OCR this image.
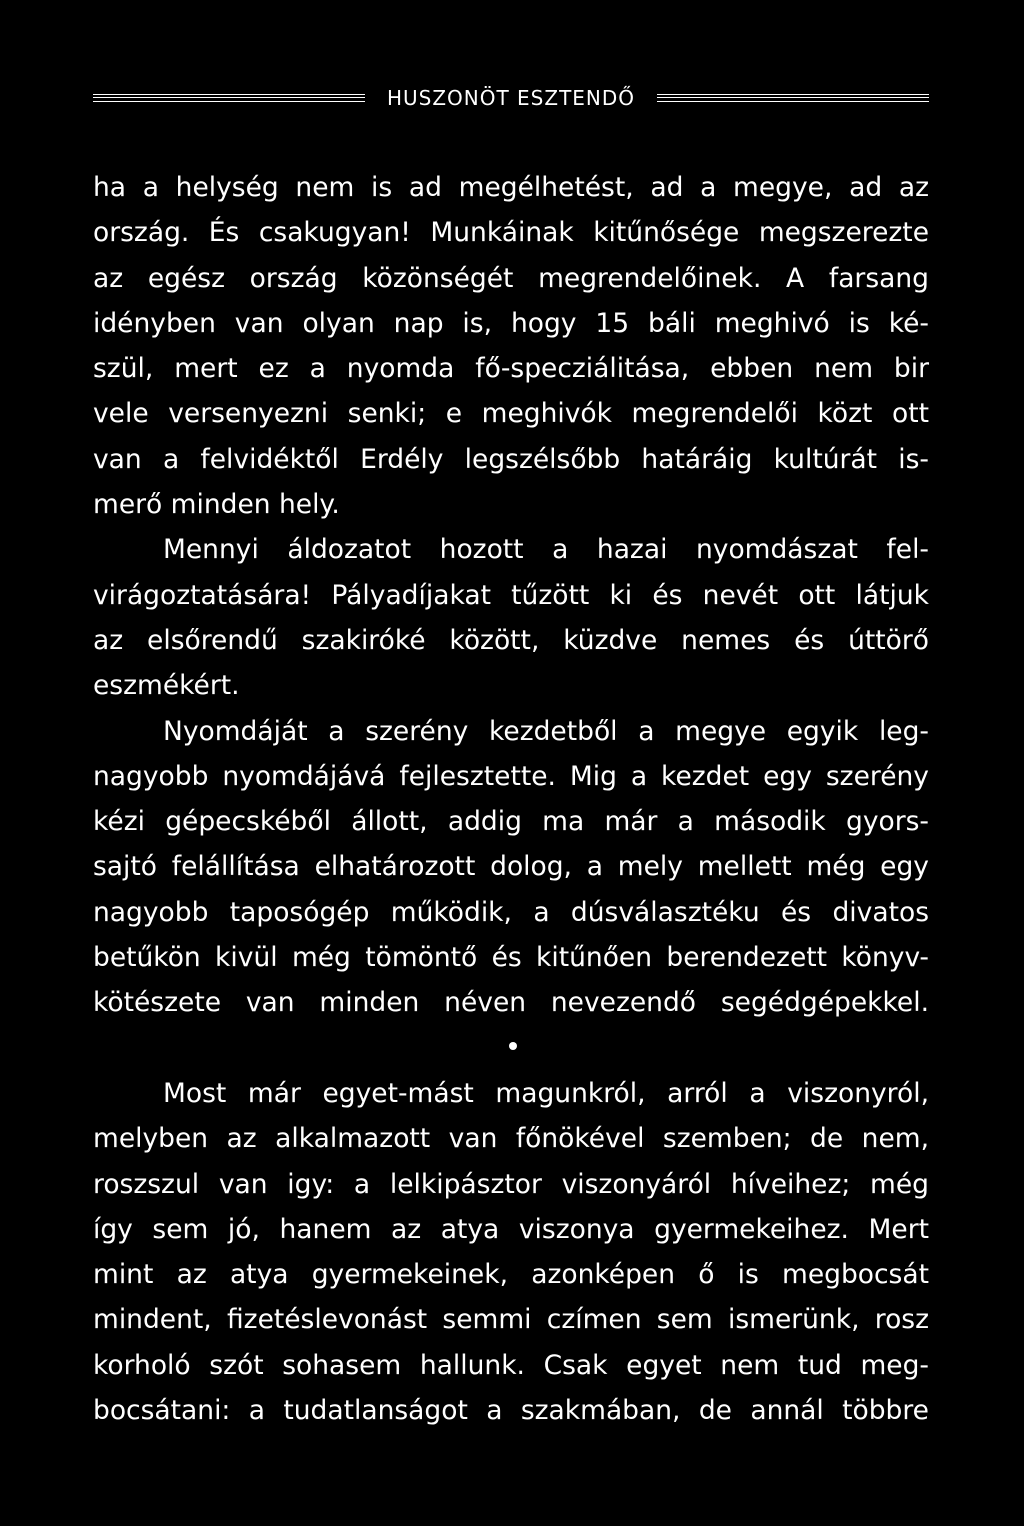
HUSZONÖT ESZTENDŐ
ha a helység nem is ad megélhetést, ad a megye, ad az
ország. És csakugyan! Munkáinak kitűnősége megszerezte
az egész ország közönségét megrendelőinek. A farsang
idényben van olyan nap is, hogy 15 báli meghivó is ké-
szül, mert ez a nyomda fő-specziálitása, ebben nem bir
vele versenyezni senki; e meghivók megrendelői közt ott
van a felvidéktől Erdély legszélsőbb határáig kultúrát is-
merő minden hely.
Mennyi áldozatot hozott a hazai nyomdászat fel-
virágoztatására! Pályadíjakat tűzött ki és nevét ott látjuk
az elsőrendű szakiróké között, küzdve nemes és úttörő
eszmékért.
Nyomdáját a szerény kezdetből a megye egyik leg-
nagyobb nyomdájává fejlesztette. Mig a kezdet egy szerény
kézi gépecskéből állott, addig ma már a második gyors-
sajtó felállítása elhatározott dolog, a mely mellett még egy
nagyobb taposógép működik, a dúsválasztéku és divatos
betűkön kivül még tömöntő és kitűnően berendezett könyv-
kötészete van minden néven nevezendő segédgépekkel.
Most már egyet-mást magunkról, arról a viszonyról,
melyben az alkalmazott van főnökével szemben; de nem,
roszszul van igy: a lelkipásztor viszonyáról híveihez; még
így sem jó, hanem az atya viszonya gyermekeihez. Mert
mint az atya gyermekeinek, azonképen ő is megbocsát
mindent, fizetéslevonást semmi czímen sem ismerünk, rosz
korholó szót sohasem hallunk. Csak egyet nem tud meg-
bocsátani: a tudatlanságot a szakmában, de annál többre
